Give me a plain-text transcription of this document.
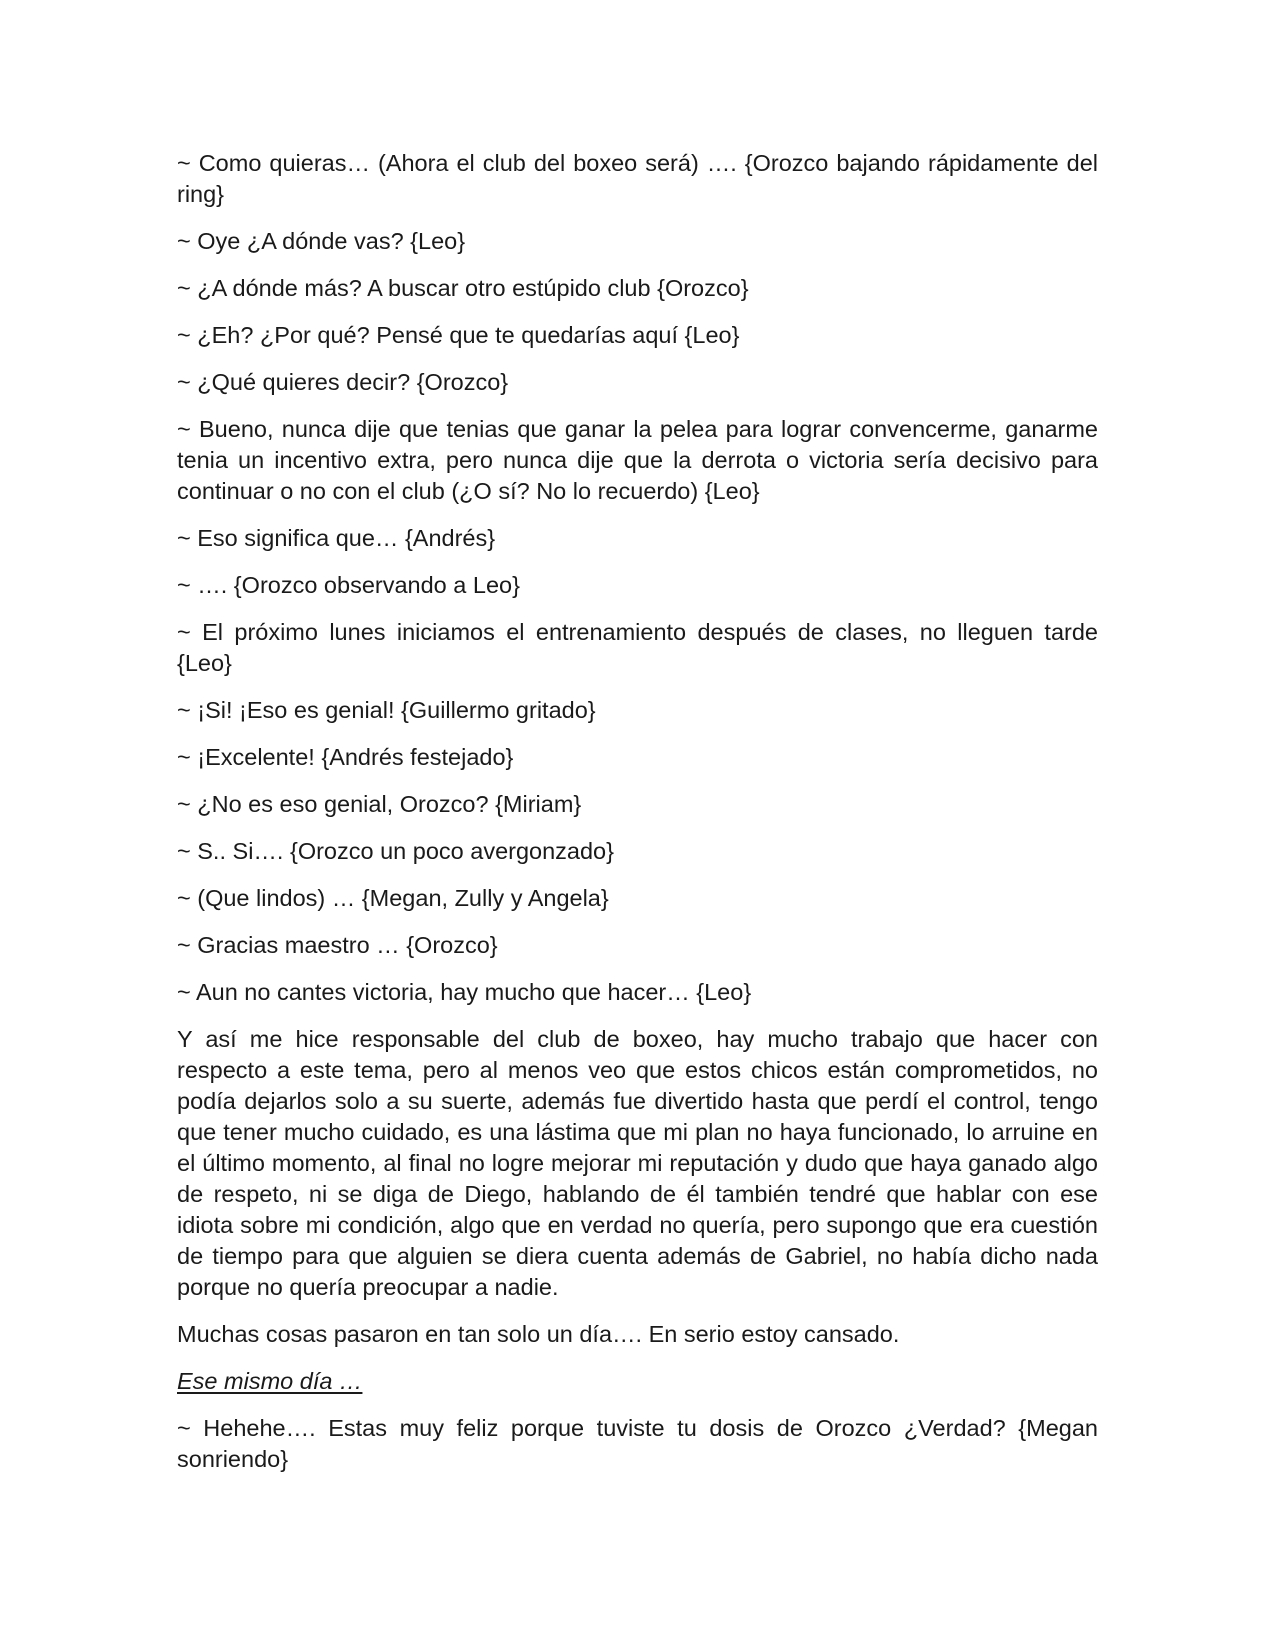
~ Como quieras… (Ahora el club del boxeo será) …. {Orozco bajando rápidamente del ring}

~ Oye ¿A dónde vas? {Leo}

~ ¿A dónde más? A buscar otro estúpido club {Orozco}

~ ¿Eh? ¿Por qué? Pensé que te quedarías aquí {Leo}

~ ¿Qué quieres decir? {Orozco}

~ Bueno, nunca dije que tenias que ganar la pelea para lograr convencerme, ganarme tenia un incentivo extra, pero nunca dije que la derrota o victoria sería decisivo para continuar o no con el club (¿O sí? No lo recuerdo) {Leo}

~ Eso significa que… {Andrés}

~ …. {Orozco observando a Leo}

~ El próximo lunes iniciamos el entrenamiento después de clases, no lleguen tarde {Leo}

~ ¡Si! ¡Eso es genial! {Guillermo gritado}

~ ¡Excelente! {Andrés festejado}

~ ¿No es eso genial, Orozco? {Miriam}

~ S.. Si…. {Orozco un poco avergonzado}

~ (Que lindos) … {Megan, Zully y Angela}

~ Gracias maestro … {Orozco}

~ Aun no cantes victoria, hay mucho que hacer… {Leo}

Y así me hice responsable del club de boxeo, hay mucho trabajo que hacer con respecto a este tema, pero al menos veo que estos chicos están comprometidos, no podía dejarlos solo a su suerte, además fue divertido hasta que perdí el control, tengo que tener mucho cuidado, es una lástima que mi plan no haya funcionado, lo arruine en el último momento, al final no logre mejorar mi reputación y dudo que haya ganado algo de respeto, ni se diga de Diego, hablando de él también tendré que hablar con ese idiota sobre mi condición, algo que en verdad no quería, pero supongo que era cuestión de tiempo para que alguien se diera cuenta además de Gabriel, no había dicho nada porque no quería preocupar a nadie.

Muchas cosas pasaron en tan solo un día…. En serio estoy cansado.

Ese mismo día …

~ Hehehe…. Estas muy feliz porque tuviste tu dosis de Orozco ¿Verdad? {Megan sonriendo}
